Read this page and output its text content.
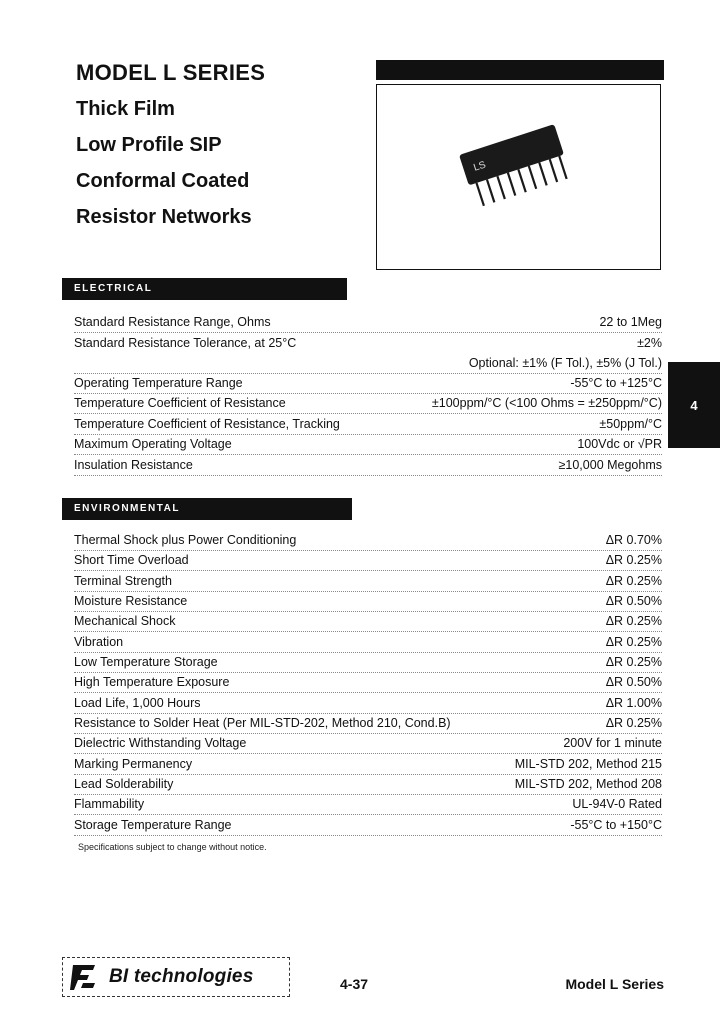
MODEL L SERIES
Thick Film
Low Profile SIP
Conformal Coated
Resistor Networks
LS
ELECTRICAL
Standard Resistance Range, Ohms	22 to 1Meg
Standard Resistance Tolerance, at 25°C	±2%
Optional: ±1% (F Tol.), ±5% (J Tol.)
Operating Temperature Range	-55°C to +125°C
Temperature Coefficient of Resistance	±100ppm/°C (<100 Ohms = ±250ppm/°C)
Temperature Coefficient of Resistance, Tracking	±50ppm/°C
Maximum Operating Voltage	100Vdc or √PR
Insulation Resistance	≥10,000 Megohms
ENVIRONMENTAL
Thermal Shock plus Power Conditioning	ΔR 0.70%
Short Time Overload	ΔR 0.25%
Terminal Strength	ΔR 0.25%
Moisture Resistance	ΔR 0.50%
Mechanical Shock	ΔR 0.25%
Vibration	ΔR 0.25%
Low Temperature Storage	ΔR 0.25%
High Temperature Exposure	ΔR 0.50%
Load Life, 1,000 Hours	ΔR 1.00%
Resistance to Solder Heat (Per MIL-STD-202, Method 210, Cond.B)	ΔR 0.25%
Dielectric Withstanding Voltage	200V for 1 minute
Marking Permanency	MIL-STD 202, Method 215
Lead Solderability	MIL-STD 202, Method 208
Flammability	UL-94V-0 Rated
Storage Temperature Range	-55°C to +150°C
Specifications subject to change without notice.
4
BI technologies	4-37	Model L Series
